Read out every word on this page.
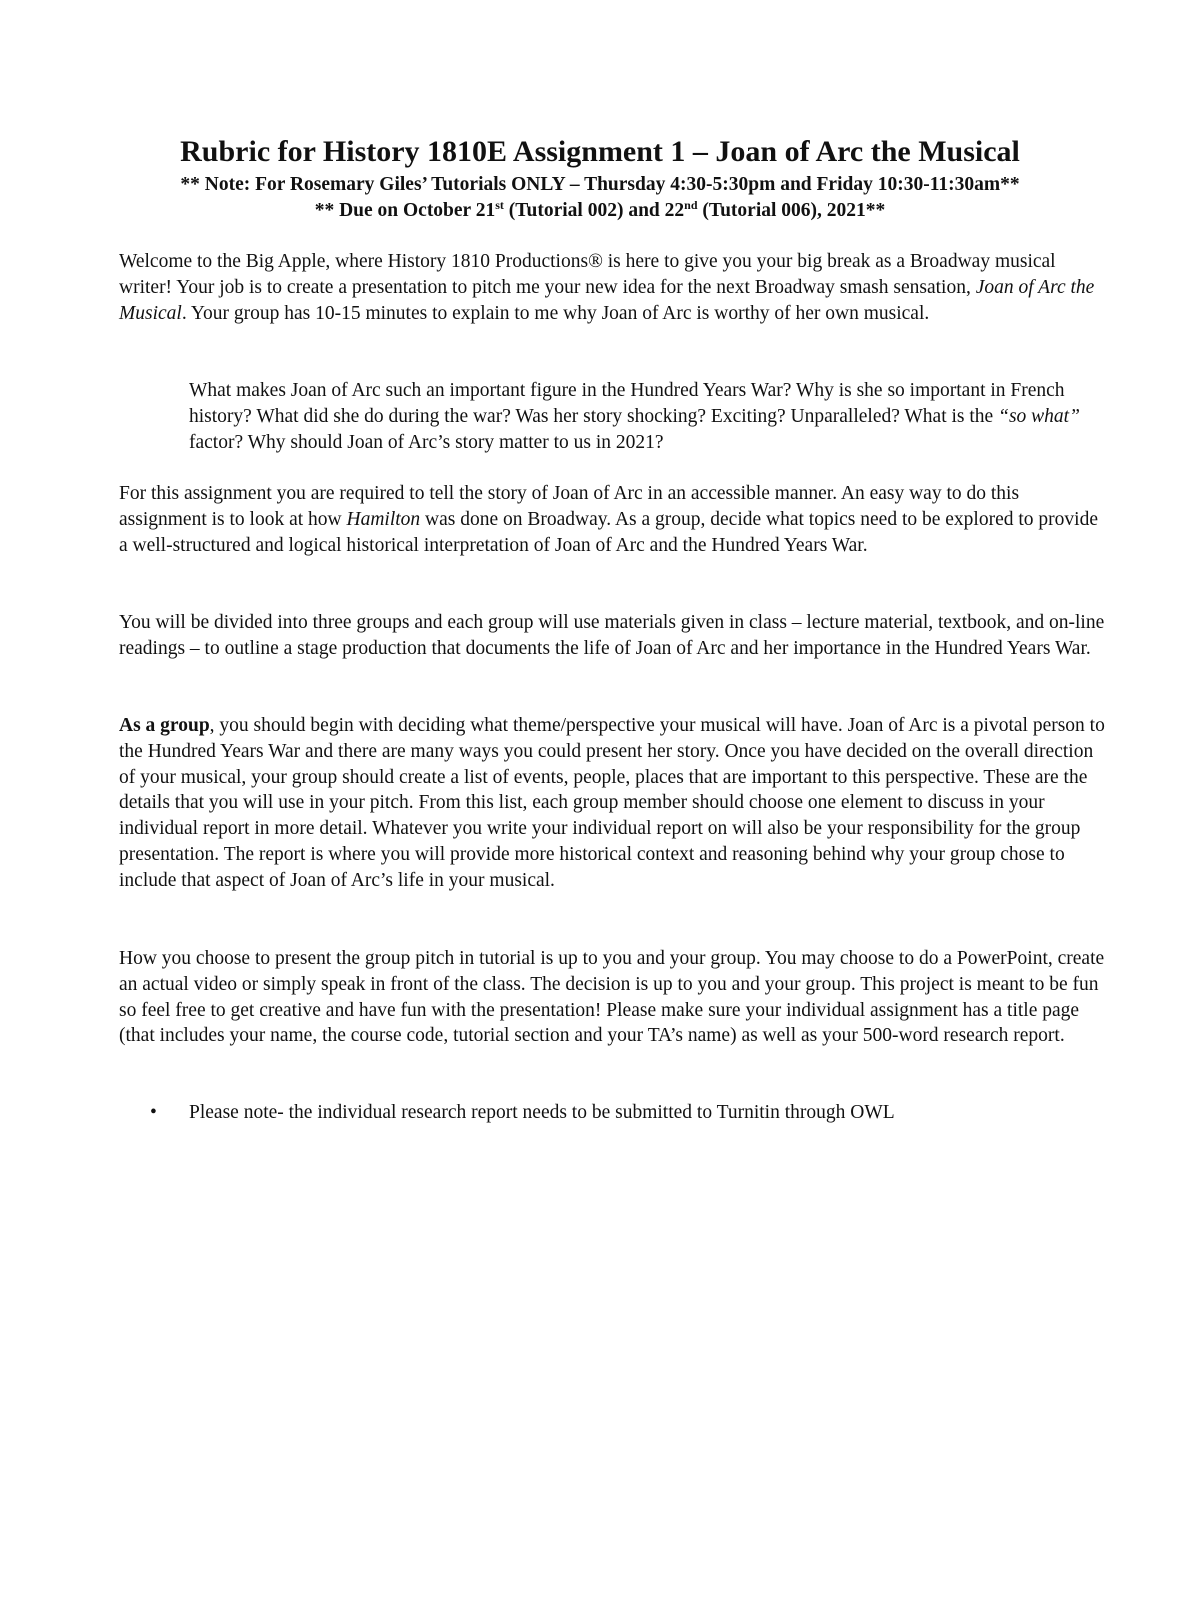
Rubric for History 1810E Assignment 1 – Joan of Arc the Musical

** Note: For Rosemary Giles’ Tutorials ONLY – Thursday 4:30-5:30pm and Friday 10:30-11:30am**

** Due on October 21st (Tutorial 002) and 22nd (Tutorial 006), 2021**

Welcome to the Big Apple, where History 1810 Productions® is here to give you your big break as a Broadway musical writer! Your job is to create a presentation to pitch me your new idea for the next Broadway smash sensation, Joan of Arc the Musical. Your group has 10-15 minutes to explain to me why Joan of Arc is worthy of her own musical.

What makes Joan of Arc such an important figure in the Hundred Years War? Why is she so important in French history? What did she do during the war? Was her story shocking? Exciting? Unparalleled? What is the “so what” factor? Why should Joan of Arc’s story matter to us in 2021?

For this assignment you are required to tell the story of Joan of Arc in an accessible manner. An easy way to do this assignment is to look at how Hamilton was done on Broadway. As a group, decide what topics need to be explored to provide a well-structured and logical historical interpretation of Joan of Arc and the Hundred Years War.

You will be divided into three groups and each group will use materials given in class – lecture material, textbook, and on-line readings – to outline a stage production that documents the life of Joan of Arc and her importance in the Hundred Years War.

As a group, you should begin with deciding what theme/perspective your musical will have. Joan of Arc is a pivotal person to the Hundred Years War and there are many ways you could present her story. Once you have decided on the overall direction of your musical, your group should create a list of events, people, places that are important to this perspective. These are the details that you will use in your pitch. From this list, each group member should choose one element to discuss in your individual report in more detail. Whatever you write your individual report on will also be your responsibility for the group presentation. The report is where you will provide more historical context and reasoning behind why your group chose to include that aspect of Joan of Arc’s life in your musical.

How you choose to present the group pitch in tutorial is up to you and your group. You may choose to do a PowerPoint, create an actual video or simply speak in front of the class. The decision is up to you and your group. This project is meant to be fun so feel free to get creative and have fun with the presentation! Please make sure your individual assignment has a title page (that includes your name, the course code, tutorial section and your TA’s name) as well as your 500-word research report.

• Please note- the individual research report needs to be submitted to Turnitin through OWL
